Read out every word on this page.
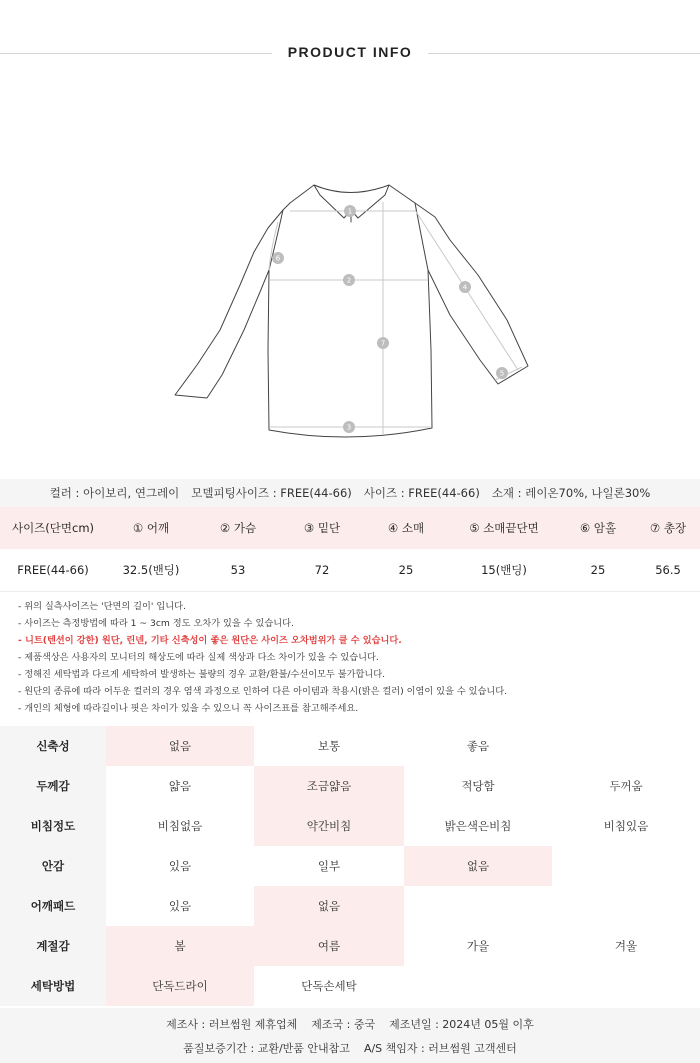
PRODUCT INFO
1
2
3
4
5
6
7
컬러 : 아이보리, 연그레이 모델피팅사이즈 : FREE(44-66) 사이즈 : FREE(44-66) 소재 : 레이온70%, 나일론30%
사이즈(단면cm)	① 어깨	② 가슴	③ 밑단	④ 소매	⑤ 소매끝단면	⑥ 암홀	⑦ 총장
FREE(44-66)	32.5(밴딩)	53	72	25	15(밴딩)	25	56.5
- 위의 실측사이즈는 '단면의 길이' 입니다.
- 사이즈는 측정방법에 따라 1 ~ 3cm 정도 오차가 있을 수 있습니다.
- 니트(텐션이 강한) 원단, 린넨, 기타 신축성이 좋은 원단은 사이즈 오차범위가 클 수 있습니다.
- 제품색상은 사용자의 모니터의 해상도에 따라 실제 색상과 다소 차이가 있을 수 있습니다.
- 정해진 세탁법과 다르게 세탁하여 발생하는 불량의 경우 교환/환불/수선이모두 불가합니다.
- 원단의 종류에 따라 어두운 컬러의 경우 염색 과정으로 인하여 다른 아이템과 착용시(밝은 컬러) 이염이 있을 수 있습니다.
- 개인의 체형에 따라길이나 핏은 차이가 있을 수 있으니 꼭 사이즈표를 참고해주세요.
신축성	없음	보통	좋음	
두께감	얇음	조금얇음	적당함	두꺼움
비침정도	비침없음	약간비침	밝은색은비침	비침있음
안감	있음	일부	없음	
어깨패드	있음	없음		
계절감	봄	여름	가을	겨울
세탁방법	단독드라이	단독손세탁		
제조사 : 러브썸원 제휴업체 제조국 : 중국 제조년일 : 2024년 05월 이후
품질보증기간 : 교환/반품 안내참고 A/S 책임자 : 러브썸원 고객센터
